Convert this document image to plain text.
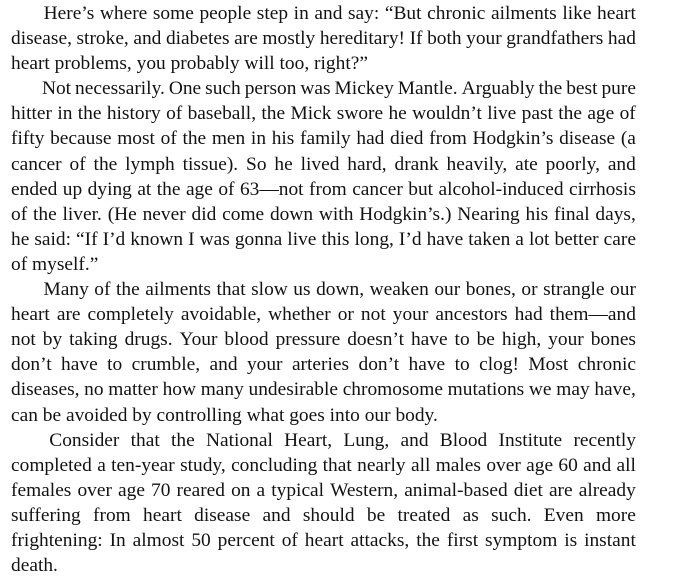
Here’s where some people step in and say: “But chronic ailments like heart
disease, stroke, and diabetes are mostly hereditary! If both your grandfathers had
heart problems, you probably will too, right?”

Not necessarily. One such person was Mickey Mantle. Arguably the best pure
hitter in the history of baseball, the Mick swore he wouldn’t live past the age of
fifty because most of the men in his family had died from Hodgkin’s disease (a
cancer of the lymph tissue). So he lived hard, drank heavily, ate poorly, and
ended up dying at the age of 63—not from cancer but alcohol-induced cirrhosis
of the liver. (He never did come down with Hodgkin’s.) Nearing his final days,
he said: “If I’d known I was gonna live this long, I’d have taken a lot better care
of myself.”

Many of the ailments that slow us down, weaken our bones, or strangle our
heart are completely avoidable, whether or not your ancestors had them—and
not by taking drugs. Your blood pressure doesn’t have to be high, your bones
don’t have to crumble, and your arteries don’t have to clog! Most chronic
diseases, no matter how many undesirable chromosome mutations we may have,
can be avoided by controlling what goes into our body.

Consider that the National Heart, Lung, and Blood Institute recently
completed a ten-year study, concluding that nearly all males over age 60 and all
females over age 70 reared on a typical Western, animal-based diet are already
suffering from heart disease and should be treated as such. Even more
frightening: In almost 50 percent of heart attacks, the first symptom is instant
death.
